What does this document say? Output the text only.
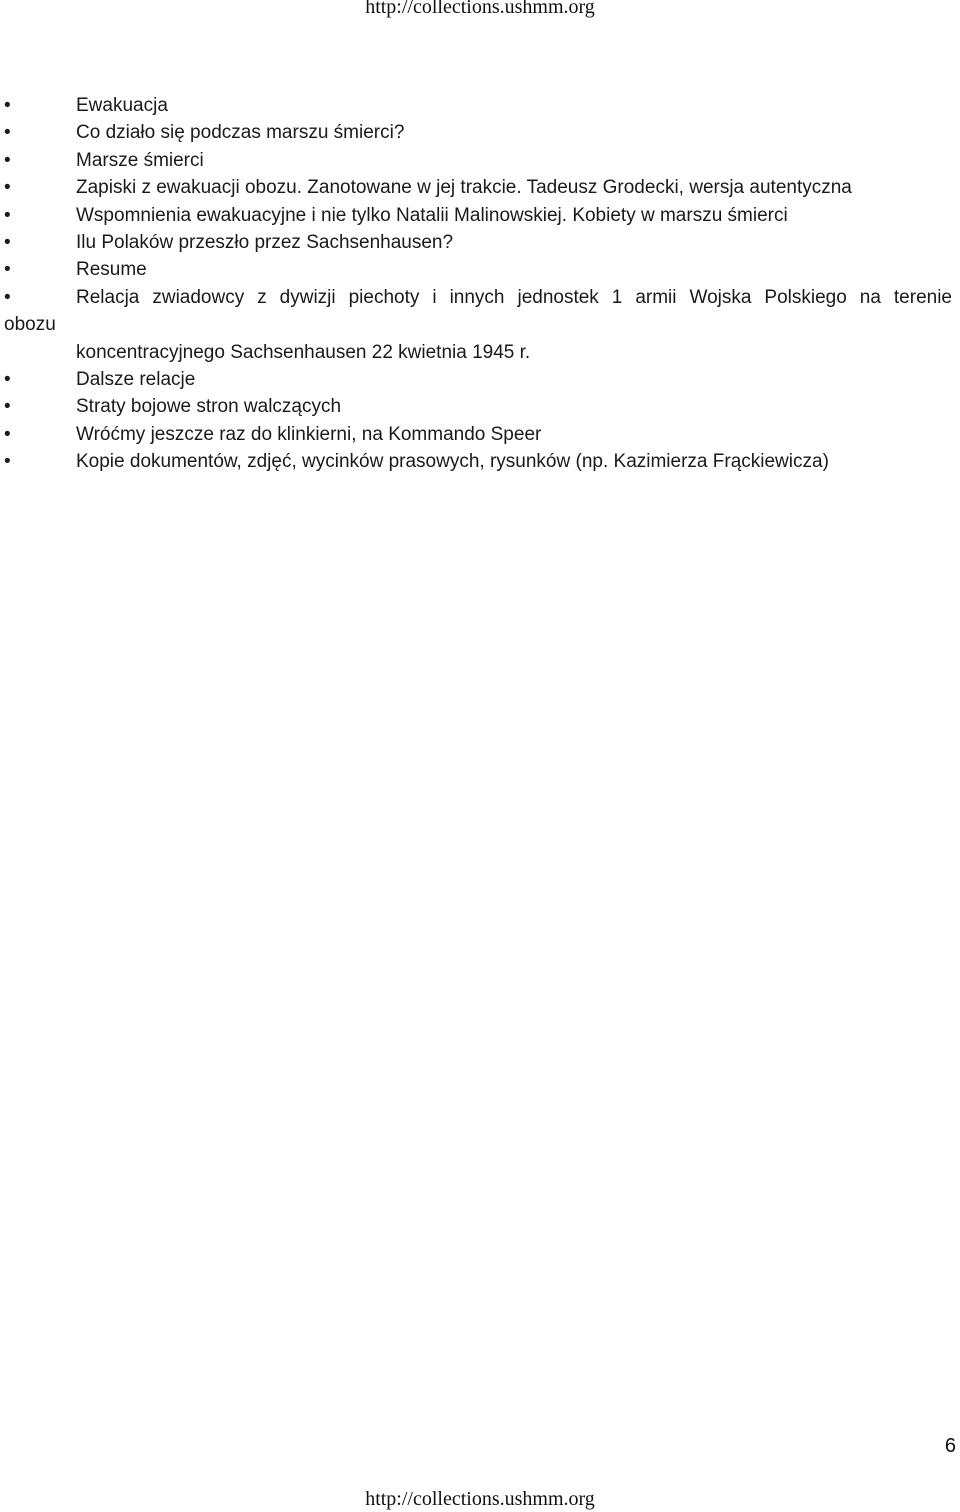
http://collections.ushmm.org
•	Ewakuacja
•	Co działo się podczas marszu śmierci?
•	Marsze śmierci
•	Zapiski z ewakuacji obozu. Zanotowane w jej trakcie. Tadeusz Grodecki, wersja autentyczna
•	Wspomnienia ewakuacyjne i nie tylko Natalii Malinowskiej. Kobiety w marszu śmierci
•	Ilu Polaków przeszło przez Sachsenhausen?
•	Resume
•	Relacja zwiadowcy z dywizji piechoty i innych jednostek 1 armii Wojska Polskiego na terenie
obozu
koncentracyjnego Sachsenhausen 22 kwietnia 1945 r.
•	Dalsze relacje
•	Straty bojowe stron walczących
•	Wróćmy jeszcze raz do klinkierni, na Kommando Speer
•	Kopie dokumentów, zdjęć, wycinków prasowych, rysunków (np. Kazimierza Frąckiewicza)
6
http://collections.ushmm.org
